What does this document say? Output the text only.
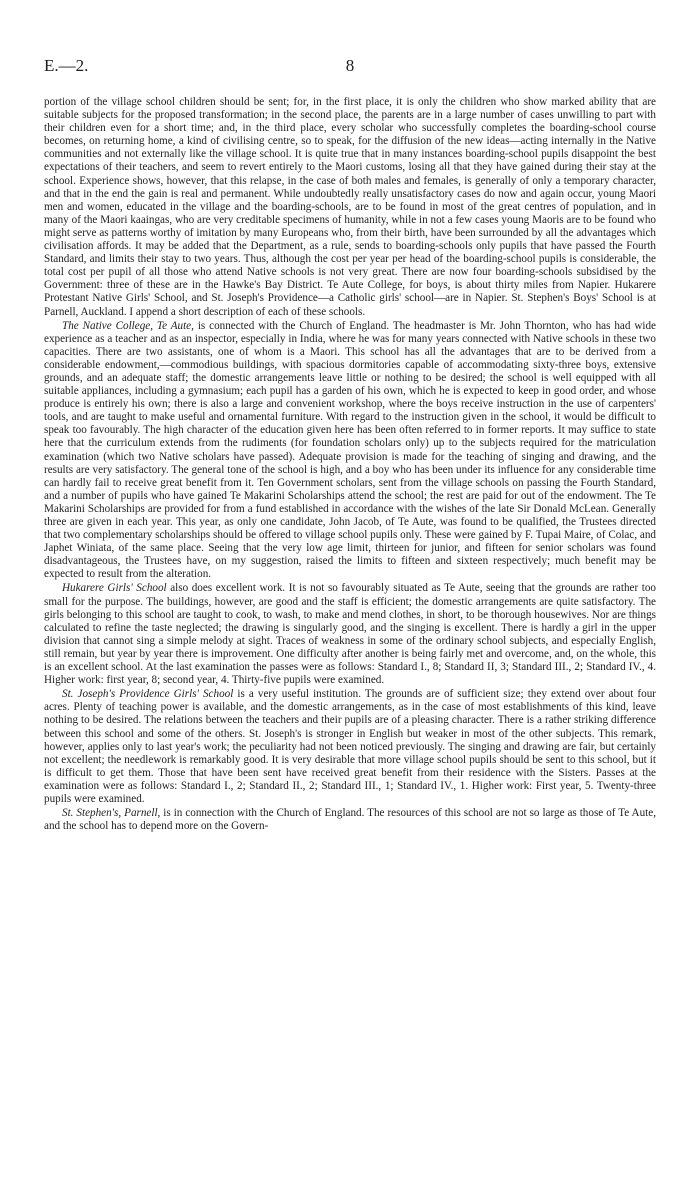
E.—2.	8

portion of the village school children should be sent; for, in the first place, it is only the children who show marked ability that are suitable subjects for the proposed transformation; in the second place, the parents are in a large number of cases unwilling to part with their children even for a short time; and, in the third place, every scholar who successfully completes the boarding-school course becomes, on returning home, a kind of civilising centre, so to speak, for the diffusion of the new ideas—acting internally in the Native communities and not externally like the village school. It is quite true that in many instances boarding-school pupils disappoint the best expectations of their teachers, and seem to revert entirely to the Maori customs, losing all that they have gained during their stay at the school. Experience shows, however, that this relapse, in the case of both males and females, is generally of only a temporary character, and that in the end the gain is real and permanent. While undoubtedly really unsatisfactory cases do now and again occur, young Maori men and women, educated in the village and the boarding-schools, are to be found in most of the great centres of population, and in many of the Maori kaaingas, who are very creditable specimens of humanity, while in not a few cases young Maoris are to be found who might serve as patterns worthy of imitation by many Europeans who, from their birth, have been surrounded by all the advantages which civilisation affords. It may be added that the Department, as a rule, sends to boarding-schools only pupils that have passed the Fourth Standard, and limits their stay to two years. Thus, although the cost per year per head of the boarding-school pupils is considerable, the total cost per pupil of all those who attend Native schools is not very great. There are now four boarding-schools subsidised by the Government: three of these are in the Hawke's Bay District. Te Aute College, for boys, is about thirty miles from Napier. Hukarere Protestant Native Girls' School, and St. Joseph's Providence—a Catholic girls' school—are in Napier. St. Stephen's Boys' School is at Parnell, Auckland. I append a short description of each of these schools.

The Native College, Te Aute, is connected with the Church of England. The headmaster is Mr. John Thornton, who has had wide experience as a teacher and as an inspector, especially in India, where he was for many years connected with Native schools in these two capacities. There are two assistants, one of whom is a Maori. This school has all the advantages that are to be derived from a considerable endowment,—commodious buildings, with spacious dormitories capable of accommodating sixty-three boys, extensive grounds, and an adequate staff; the domestic arrangements leave little or nothing to be desired; the school is well equipped with all suitable appliances, including a gymnasium; each pupil has a garden of his own, which he is expected to keep in good order, and whose produce is entirely his own; there is also a large and convenient workshop, where the boys receive instruction in the use of carpenters' tools, and are taught to make useful and ornamental furniture. With regard to the instruction given in the school, it would be difficult to speak too favourably. The high character of the education given here has been often referred to in former reports. It may suffice to state here that the curriculum extends from the rudiments (for foundation scholars only) up to the subjects required for the matriculation examination (which two Native scholars have passed). Adequate provision is made for the teaching of singing and drawing, and the results are very satisfactory. The general tone of the school is high, and a boy who has been under its influence for any considerable time can hardly fail to receive great benefit from it. Ten Government scholars, sent from the village schools on passing the Fourth Standard, and a number of pupils who have gained Te Makarini Scholarships attend the school; the rest are paid for out of the endowment. The Te Makarini Scholarships are provided for from a fund established in accordance with the wishes of the late Sir Donald McLean. Generally three are given in each year. This year, as only one candidate, John Jacob, of Te Aute, was found to be qualified, the Trustees directed that two complementary scholarships should be offered to village school pupils only. These were gained by F. Tupai Maire, of Colac, and Japhet Winiata, of the same place. Seeing that the very low age limit, thirteen for junior, and fifteen for senior scholars was found disadvantageous, the Trustees have, on my suggestion, raised the limits to fifteen and sixteen respectively; much benefit may be expected to result from the alteration.

Hukarere Girls' School also does excellent work. It is not so favourably situated as Te Aute, seeing that the grounds are rather too small for the purpose. The buildings, however, are good and the staff is efficient; the domestic arrangements are quite satisfactory. The girls belonging to this school are taught to cook, to wash, to make and mend clothes, in short, to be thorough housewives. Nor are things calculated to refine the taste neglected; the drawing is singularly good, and the singing is excellent. There is hardly a girl in the upper division that cannot sing a simple melody at sight. Traces of weakness in some of the ordinary school subjects, and especially English, still remain, but year by year there is improvement. One difficulty after another is being fairly met and overcome, and, on the whole, this is an excellent school. At the last examination the passes were as follows: Standard I., 8; Standard II, 3; Standard III., 2; Standard IV., 4. Higher work: first year, 8; second year, 4. Thirty-five pupils were examined.

St. Joseph's Providence Girls' School is a very useful institution. The grounds are of sufficient size; they extend over about four acres. Plenty of teaching power is available, and the domestic arrangements, as in the case of most establishments of this kind, leave nothing to be desired. The relations between the teachers and their pupils are of a pleasing character. There is a rather striking difference between this school and some of the others. St. Joseph's is stronger in English but weaker in most of the other subjects. This remark, however, applies only to last year's work; the peculiarity had not been noticed previously. The singing and drawing are fair, but certainly not excellent; the needlework is remarkably good. It is very desirable that more village school pupils should be sent to this school, but it is difficult to get them. Those that have been sent have received great benefit from their residence with the Sisters. Passes at the examination were as follows: Standard I., 2; Standard II., 2; Standard III., 1; Standard IV., 1. Higher work: First year, 5. Twenty-three pupils were examined.

St. Stephen's, Parnell, is in connection with the Church of England. The resources of this school are not so large as those of Te Aute, and the school has to depend more on the Govern-
